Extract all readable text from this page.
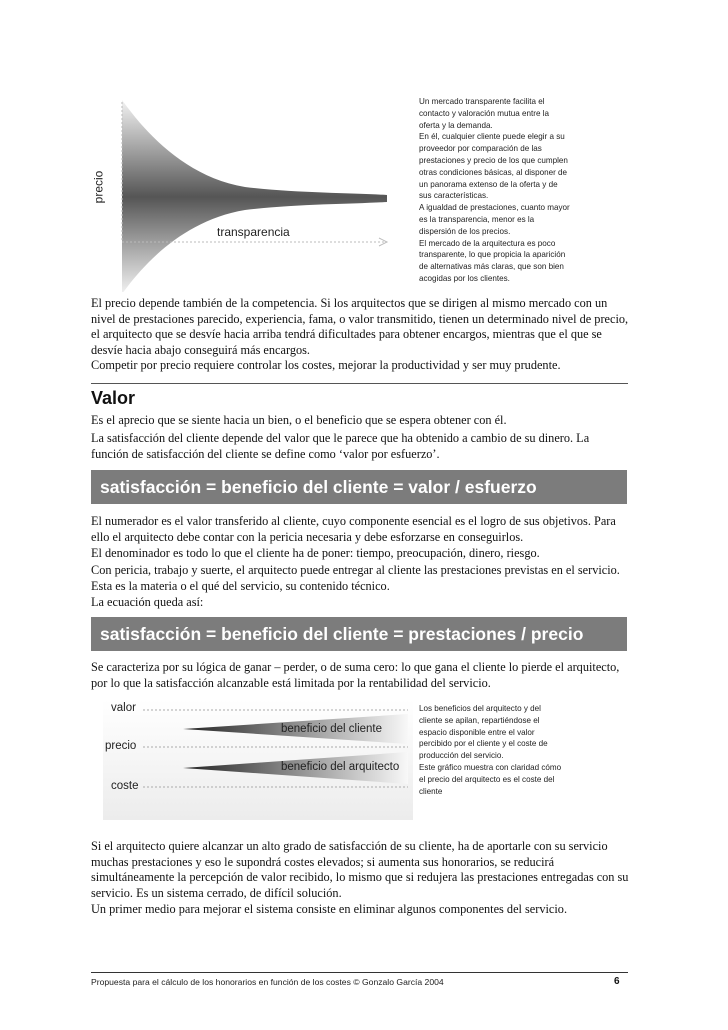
precio
transparencia

Un mercado transparente facilita el contacto y valoración mutua entre la oferta y la demanda.

En él, cualquier cliente puede elegir a su proveedor por comparación de las prestaciones y precio de los que cumplen otras condiciones básicas, al disponer de un panorama extenso de la oferta y de sus características.

A igualdad de prestaciones, cuanto mayor es la transparencia, menor es la dispersión de los precios.

El mercado de la arquitectura es poco transparente, lo que propicia la aparición de alternativas más claras, que son bien acogidas por los clientes.

El precio depende también de la competencia. Si los arquitectos que se dirigen al mismo mercado con un nivel de prestaciones parecido, experiencia, fama, o valor transmitido, tienen un determinado nivel de precio, el arquitecto que se desvíe hacia arriba tendrá dificultades para obtener encargos, mientras que el que se desvíe hacia abajo conseguirá más encargos.

Competir por precio requiere controlar los costes, mejorar la productividad y ser muy prudente.

Valor

Es el aprecio que se siente hacia un bien, o el beneficio que se espera obtener con él.

La satisfacción del cliente depende del valor que le parece que ha obtenido a cambio de su dinero. La función de satisfacción del cliente se define como ‘valor por esfuerzo’.

satisfacción = beneficio del cliente = valor / esfuerzo

El numerador es el valor transferido al cliente, cuyo componente esencial es el logro de sus objetivos. Para ello el arquitecto debe contar con la pericia necesaria y debe esforzarse en conseguirlos.

El denominador es todo lo que el cliente ha de poner: tiempo, preocupación, dinero, riesgo.

Con pericia, trabajo y suerte, el arquitecto puede entregar al cliente las prestaciones previstas en el servicio. Esta es la materia o el qué del servicio, su contenido técnico.

La ecuación queda así:

satisfacción = beneficio del cliente = prestaciones / precio

Se caracteriza por su lógica de ganar – perder, o de suma cero: lo que gana el cliente lo pierde el arquitecto, por lo que la satisfacción alcanzable está limitada por la rentabilidad del servicio.

valor
precio
coste
beneficio del cliente
beneficio del arquitecto

Los beneficios del arquitecto y del cliente se apilan, repartiéndose el espacio disponible entre el valor percibido por el cliente y el coste de producción del servicio.

Este gráfico muestra con claridad cómo el precio del arquitecto es el coste del cliente

Si el arquitecto quiere alcanzar un alto grado de satisfacción de su cliente, ha de aportarle con su servicio muchas prestaciones y eso le supondrá costes elevados; si aumenta sus honorarios, se reducirá simultáneamente la percepción de valor recibido, lo mismo que si redujera las prestaciones entregadas con su servicio. Es un sistema cerrado, de difícil solución.

Un primer medio para mejorar el sistema consiste en eliminar algunos componentes del servicio.

Propuesta para el cálculo de los honorarios en función de los costes © Gonzalo García 2004	6
